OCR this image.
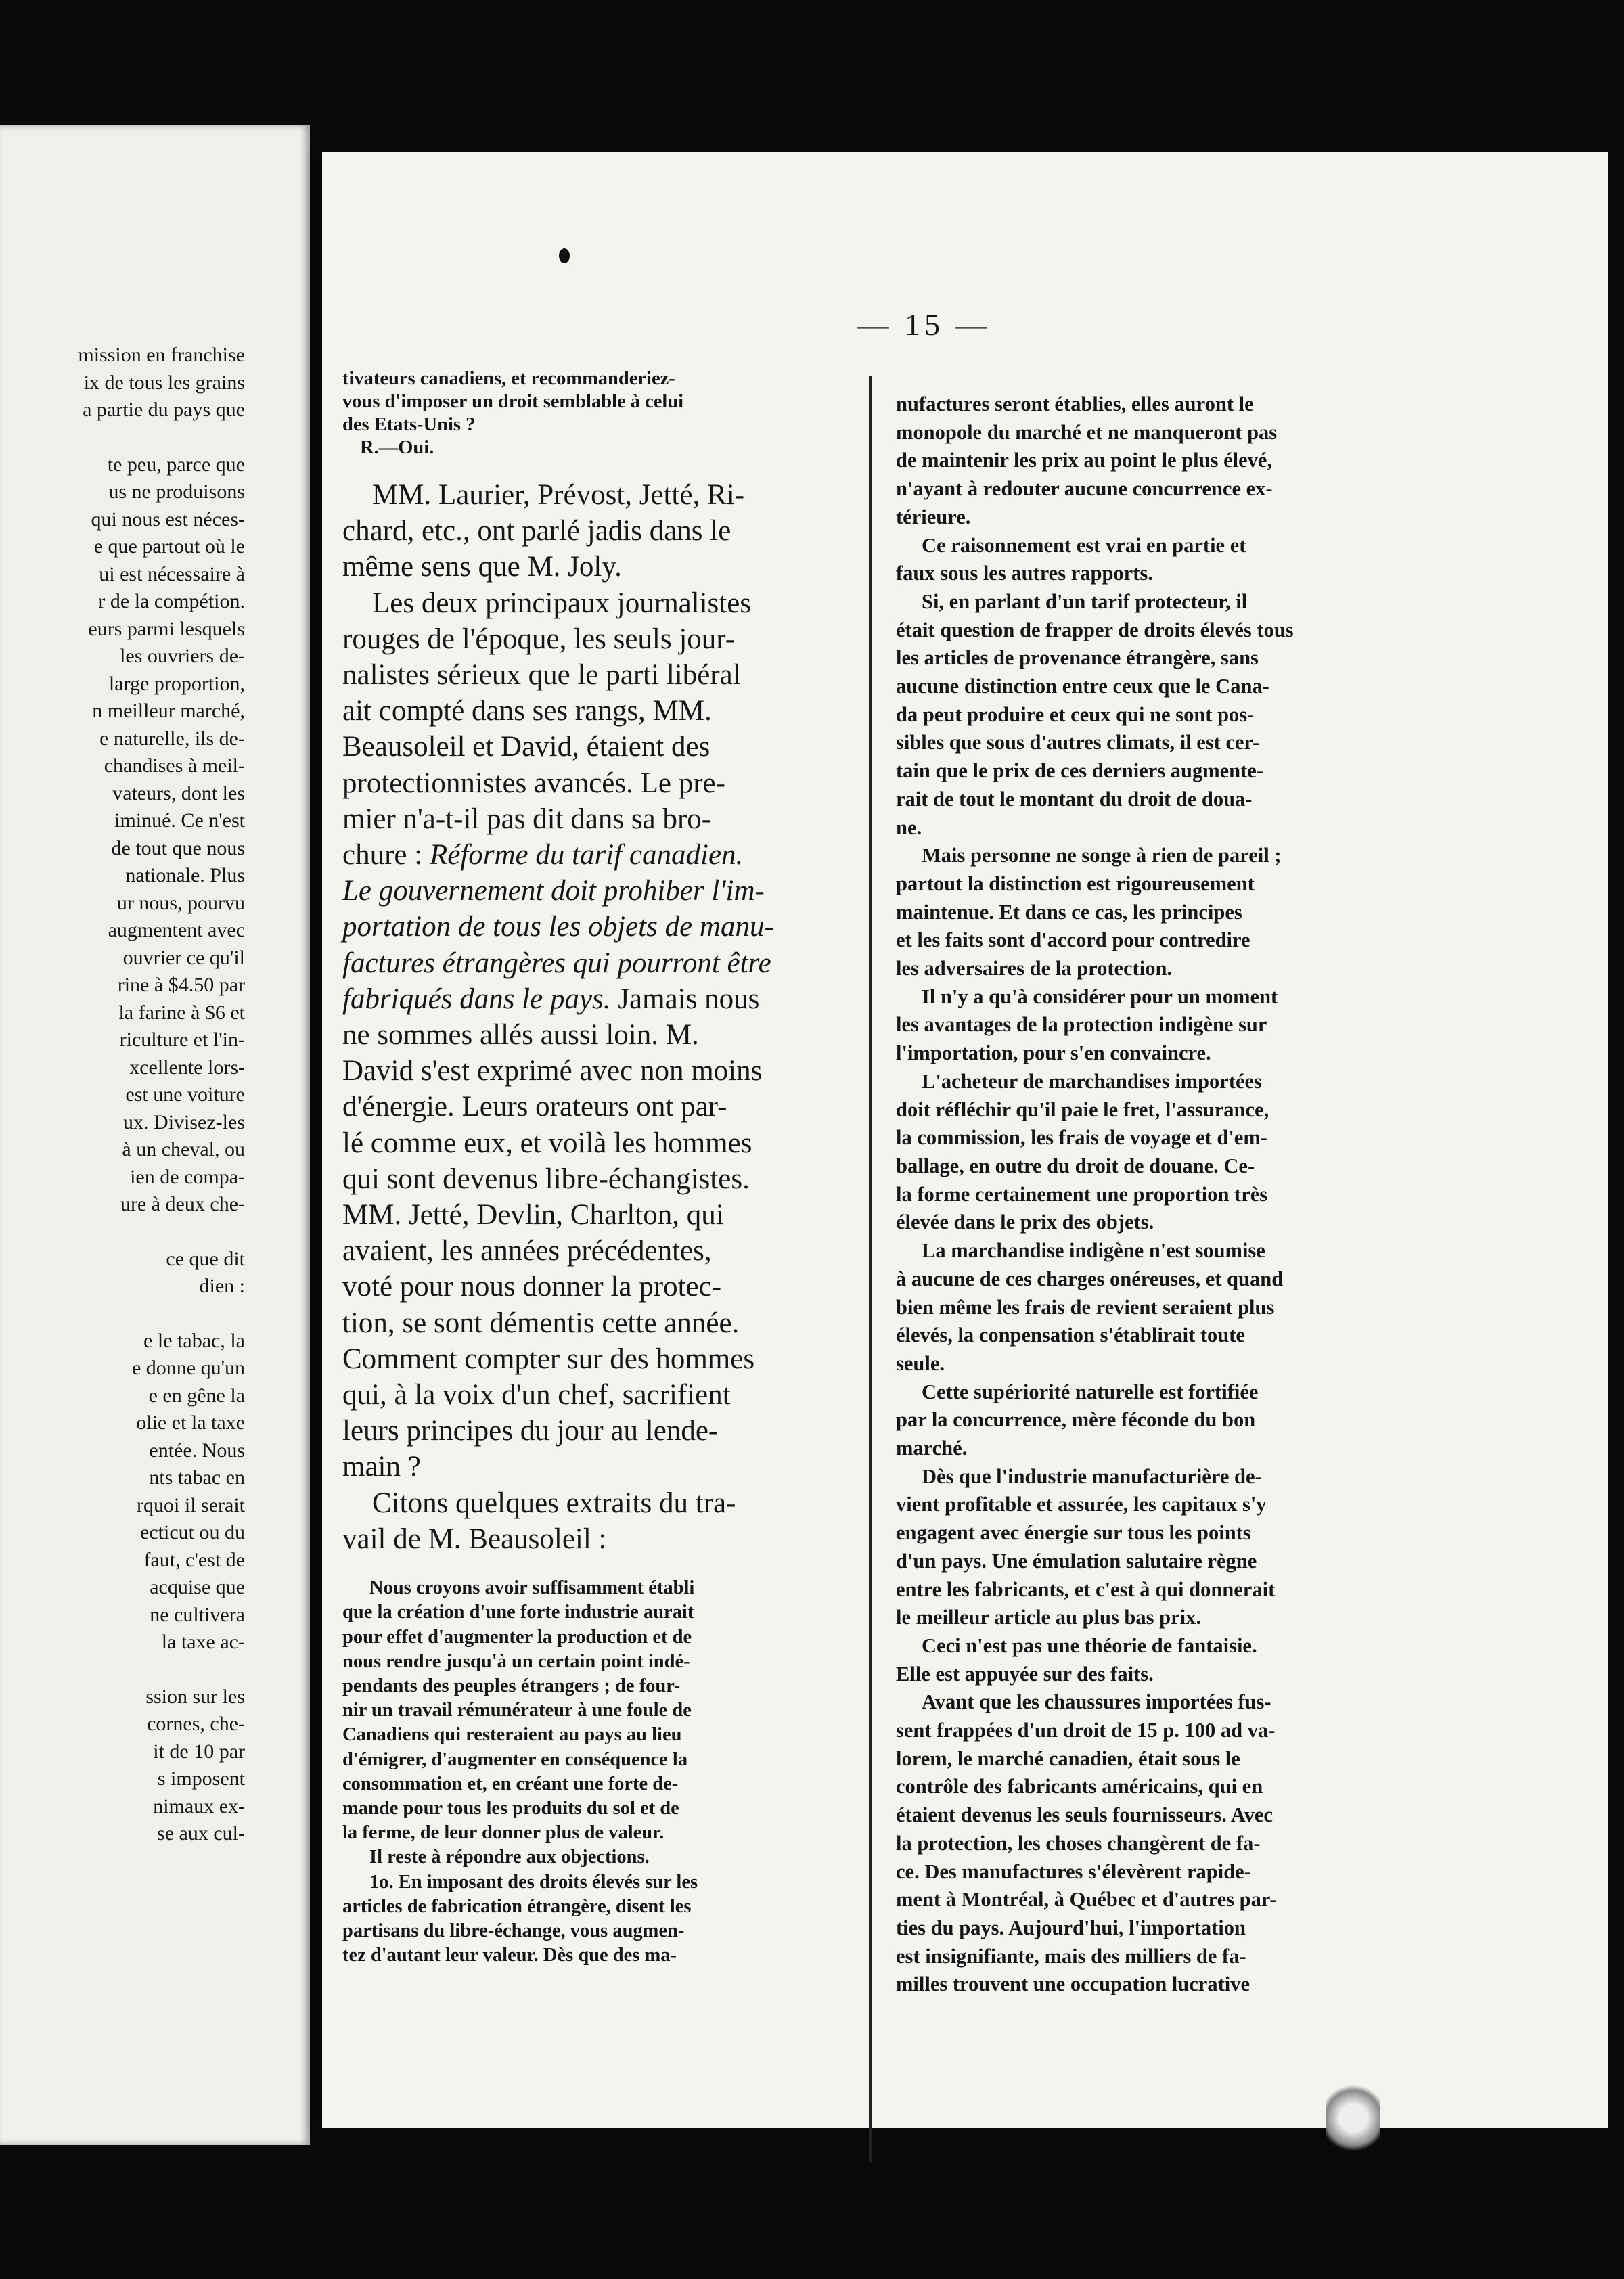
mission en franchise
ix de tous les grains
a partie du pays que
te peu, parce que
us ne produisons
qui nous est néces-
e que partout où le
ui est nécessaire à
r de la compétion.
eurs parmi lesquels
les ouvriers de-
large proportion,
n meilleur marché,
e naturelle, ils de-
chandises à meil-
vateurs, dont les
iminué. Ce n'est
de tout que nous
nationale. Plus
ur nous, pourvu
augmentent avec
ouvrier ce qu'il
rine à $4.50 par
la farine à $6 et
riculture et l'in-
xcellente lors-
est une voiture
ux. Divisez-les
à un cheval, ou
ien de compa-
ure à deux che-
ce que dit
dien :
e le tabac, la
e donne qu'un
e en gêne la
olie et la taxe
entée. Nous
nts tabac en
rquoi il serait
ecticut ou du
faut, c'est de
acquise que
ne cultivera
la taxe ac-
ssion sur les
cornes, che-
it de 10 par
s imposent
nimaux ex-
se aux cul-
— 15 —
tivateurs canadiens, et recommanderiez-
vous d'imposer un droit semblable à celui
des Etats-Unis ?
R.—Oui.
MM. Laurier, Prévost, Jetté, Ri-
chard, etc., ont parlé jadis dans le
même sens que M. Joly.
Les deux principaux journalistes
rouges de l'époque, les seuls jour-
nalistes sérieux que le parti libéral
ait compté dans ses rangs, MM.
Beausoleil et David, étaient des
protectionnistes avancés. Le pre-
mier n'a-t-il pas dit dans sa bro-
chure : Réforme du tarif canadien.
Le gouvernement doit prohiber l'im-
portation de tous les objets de manu-
factures étrangères qui pourront être
fabriqués dans le pays. Jamais nous
ne sommes allés aussi loin. M.
David s'est exprimé avec non moins
d'énergie. Leurs orateurs ont par-
lé comme eux, et voilà les hommes
qui sont devenus libre-échangistes.
MM. Jetté, Devlin, Charlton, qui
avaient, les années précédentes,
voté pour nous donner la protec-
tion, se sont démentis cette année.
Comment compter sur des hommes
qui, à la voix d'un chef, sacrifient
leurs principes du jour au lende-
main ?
Citons quelques extraits du tra-
vail de M. Beausoleil :
Nous croyons avoir suffisamment établi
que la création d'une forte industrie aurait
pour effet d'augmenter la production et de
nous rendre jusqu'à un certain point indé-
pendants des peuples étrangers ; de four-
nir un travail rémunérateur à une foule de
Canadiens qui resteraient au pays au lieu
d'émigrer, d'augmenter en conséquence la
consommation et, en créant une forte de-
mande pour tous les produits du sol et de
la ferme, de leur donner plus de valeur.
Il reste à répondre aux objections.
1o. En imposant des droits élevés sur les
articles de fabrication étrangère, disent les
partisans du libre-échange, vous augmen-
tez d'autant leur valeur. Dès que des ma-
nufactures seront établies, elles auront le
monopole du marché et ne manqueront pas
de maintenir les prix au point le plus élevé,
n'ayant à redouter aucune concurrence ex-
térieure.
Ce raisonnement est vrai en partie et
faux sous les autres rapports.
Si, en parlant d'un tarif protecteur, il
était question de frapper de droits élevés tous
les articles de provenance étrangère, sans
aucune distinction entre ceux que le Cana-
da peut produire et ceux qui ne sont pos-
sibles que sous d'autres climats, il est cer-
tain que le prix de ces derniers augmente-
rait de tout le montant du droit de doua-
ne.
Mais personne ne songe à rien de pareil ;
partout la distinction est rigoureusement
maintenue. Et dans ce cas, les principes
et les faits sont d'accord pour contredire
les adversaires de la protection.
Il n'y a qu'à considérer pour un moment
les avantages de la protection indigène sur
l'importation, pour s'en convaincre.
L'acheteur de marchandises importées
doit réfléchir qu'il paie le fret, l'assurance,
la commission, les frais de voyage et d'em-
ballage, en outre du droit de douane. Ce-
la forme certainement une proportion très
élevée dans le prix des objets.
La marchandise indigène n'est soumise
à aucune de ces charges onéreuses, et quand
bien même les frais de revient seraient plus
élevés, la conpensation s'établirait toute
seule.
Cette supériorité naturelle est fortifiée
par la concurrence, mère féconde du bon
marché.
Dès que l'industrie manufacturière de-
vient profitable et assurée, les capitaux s'y
engagent avec énergie sur tous les points
d'un pays. Une émulation salutaire règne
entre les fabricants, et c'est à qui donnerait
le meilleur article au plus bas prix.
Ceci n'est pas une théorie de fantaisie.
Elle est appuyée sur des faits.
Avant que les chaussures importées fus-
sent frappées d'un droit de 15 p. 100 ad va-
lorem, le marché canadien, était sous le
contrôle des fabricants américains, qui en
étaient devenus les seuls fournisseurs. Avec
la protection, les choses changèrent de fa-
ce. Des manufactures s'élevèrent rapide-
ment à Montréal, à Québec et d'autres par-
ties du pays. Aujourd'hui, l'importation
est insignifiante, mais des milliers de fa-
milles trouvent une occupation lucrative
